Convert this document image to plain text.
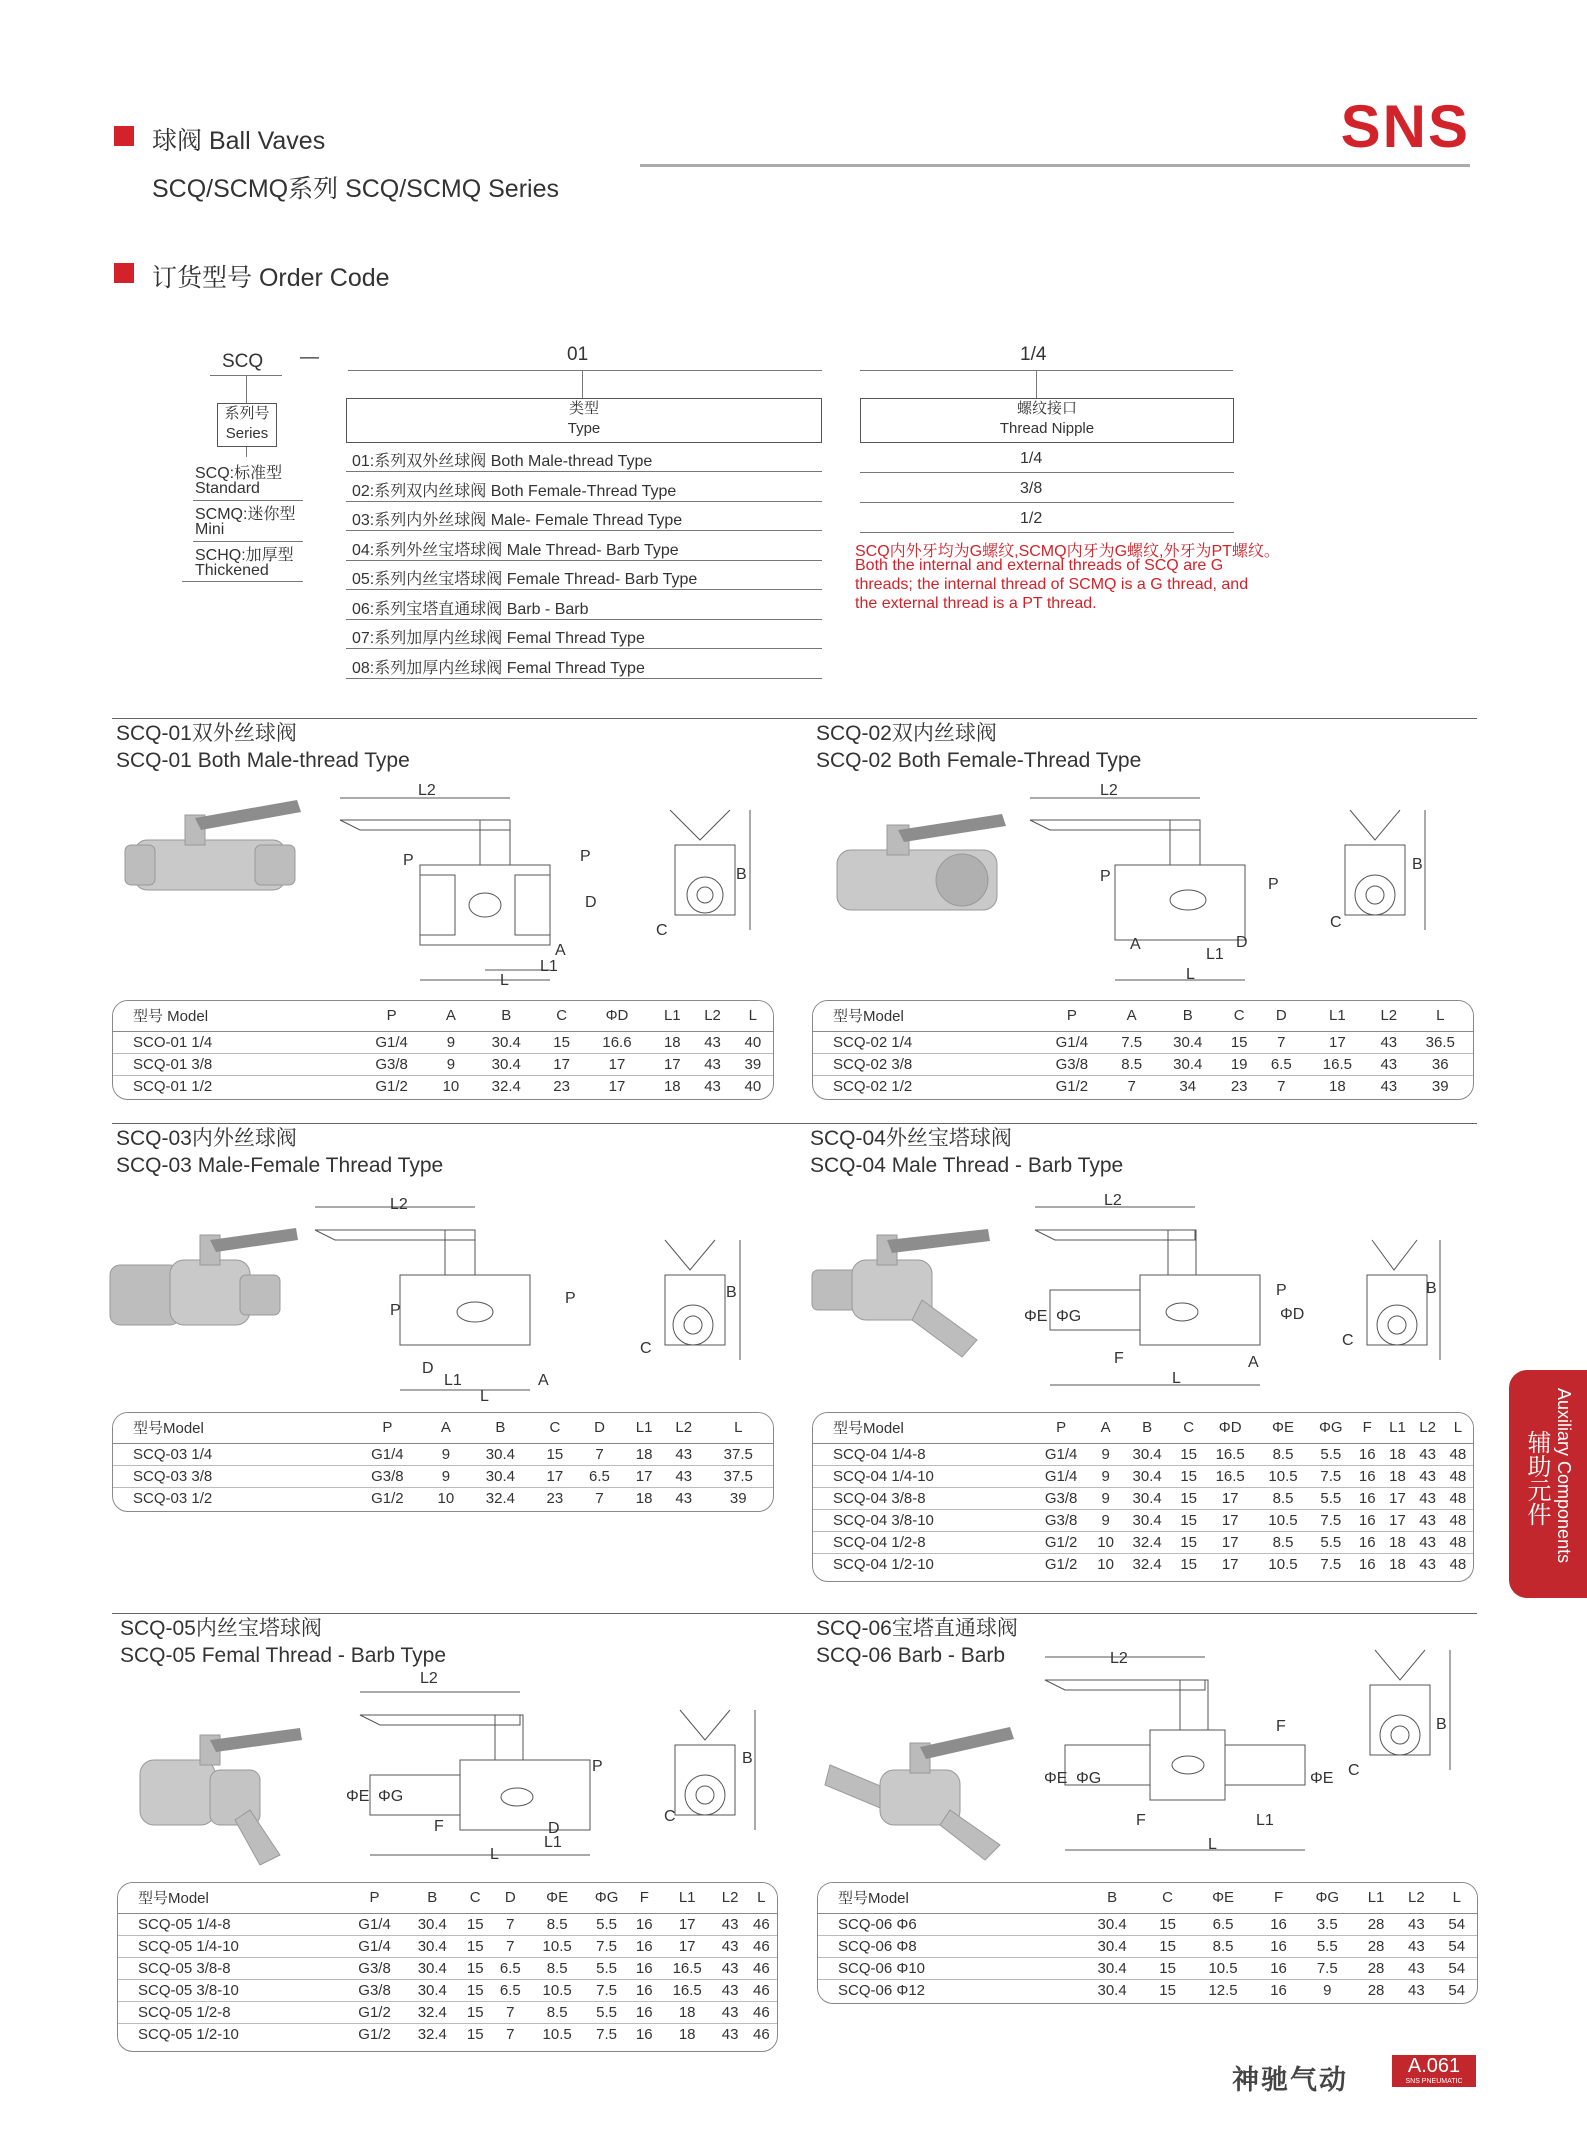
球阀 Ball Vaves
SCQ/SCMQ系列 SCQ/SCMQ Series
SNS
订货型号 Order Code
SCQ —
系列号
Series
SCQ:标准型
Standard
SCMQ:迷你型
Mini
SCHQ:加厚型
Thickened
01
类型
Type
01:系列双外丝球阀 Both Male-thread Type
02:系列双内丝球阀 Both Female-Thread Type
03:系列内外丝球阀 Male- Female Thread Type
04:系列外丝宝塔球阀 Male Thread- Barb Type
05:系列内丝宝塔球阀 Female Thread- Barb Type
06:系列宝塔直通球阀 Barb - Barb
07:系列加厚内丝球阀 Femal Thread Type
08:系列加厚内丝球阀 Femal Thread Type
1/4
螺纹接口
Thread Nipple
1/4
3/8
1/2
SCQ内外牙均为G螺纹,SCMQ内牙为G螺纹,外牙为PT螺纹。
Both the internal and external threads of SCQ are G
threads; the internal thread of SCMQ is a G thread, and
the external thread is a PT thread.
SCQ-01双外丝球阀
SCQ-01 Both Male-thread Type
L2
P	P
D
A
L1
L
B
C
型号 Model	P	A	B	C	ΦD	L1	L2	L
SCO-01 1/4	G1/4	9	30.4	15	16.6	18	43	40
SCQ-01 3/8	G3/8	9	30.4	17	17	17	43	39
SCQ-01 1/2	G1/2	10	32.4	23	17	18	43	40
SCQ-02双内丝球阀
SCQ-02 Both Female-Thread Type
L2
P	P
A	D
L1
L
B
C
型号Model	P	A	B	C	D	L1	L2	L
SCQ-02 1/4	G1/4	7.5	30.4	15	7	17	43	36.5
SCQ-02 3/8	G3/8	8.5	30.4	19	6.5	16.5	43	36
SCQ-02 1/2	G1/2	7	34	23	7	18	43	39
SCQ-03内外丝球阀
SCQ-03 Male-Female Thread Type
L2
P
P
D
L1	A
L
B
C
型号Model	P	A	B	C	D	L1	L2	L
SCQ-03 1/4	G1/4	9	30.4	15	7	18	43	37.5
SCQ-03 3/8	G3/8	9	30.4	17	6.5	17	43	37.5
SCQ-03 1/2	G1/2	10	32.4	23	7	18	43	39
SCQ-04外丝宝塔球阀
SCQ-04 Male Thread - Barb Type
L2
P
ΦE ΦG	ΦD
F	A
L
B
C
型号Model	P	A	B	C	ΦD	ΦE	ΦG	F	L1	L2	L
SCQ-04 1/4-8	G1/4	9	30.4	15	16.5	8.5	5.5	16	18	43	48
SCQ-04 1/4-10	G1/4	9	30.4	15	16.5	10.5	7.5	16	18	43	48
SCQ-04 3/8-8	G3/8	9	30.4	15	17	8.5	5.5	16	17	43	48
SCQ-04 3/8-10	G3/8	9	30.4	15	17	10.5	7.5	16	17	43	48
SCQ-04 1/2-8	G1/2	10	32.4	15	17	8.5	5.5	16	18	43	48
SCQ-04 1/2-10	G1/2	10	32.4	15	17	10.5	7.5	16	18	43	48
SCQ-05内丝宝塔球阀
SCQ-05 Femal Thread - Barb Type
L2
P
ΦE ΦG
F	D
L1
L
B
C
型号Model	P	B	C	D	ΦE	ΦG	F	L1	L2	L
SCQ-05 1/4-8	G1/4	30.4	15	7	8.5	5.5	16	17	43	46
SCQ-05 1/4-10	G1/4	30.4	15	7	10.5	7.5	16	17	43	46
SCQ-05 3/8-8	G3/8	30.4	15	6.5	8.5	5.5	16	16.5	43	46
SCQ-05 3/8-10	G3/8	30.4	15	6.5	10.5	7.5	16	16.5	43	46
SCQ-05 1/2-8	G1/2	32.4	15	7	8.5	5.5	16	18	43	46
SCQ-05 1/2-10	G1/2	32.4	15	7	10.5	7.5	16	18	43	46
SCQ-06宝塔直通球阀
SCQ-06 Barb - Barb	L2
F
ΦE ΦG	ΦE
F	L1
L
B
C
型号Model	B	C	ΦE	F	ΦG	L1	L2	L
SCQ-06 Φ6	30.4	15	6.5	16	3.5	28	43	54
SCQ-06 Φ8	30.4	15	8.5	16	5.5	28	43	54
SCQ-06 Φ10	30.4	15	10.5	16	7.5	28	43	54
SCQ-06 Φ12	30.4	15	12.5	16	9	28	43	54
Auxiliary Components
辅助元件
神驰气动	A.061
SNS PNEUMATIC
